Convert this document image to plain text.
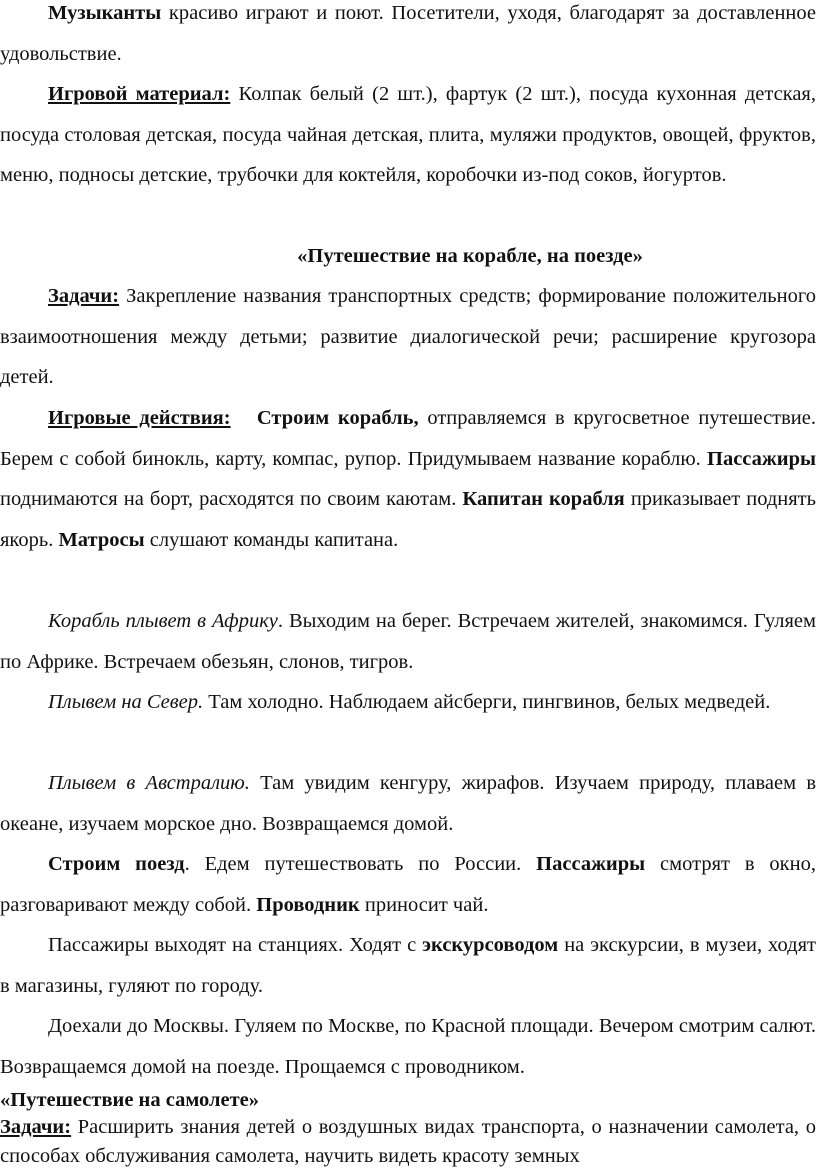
Музыканты красиво играют и поют. Посетители, уходя, благодарят за доставленное удовольствие.

Игровой материал: Колпак белый (2 шт.), фартук (2 шт.), посуда кухонная детская, посуда столовая детская, посуда чайная детская, плита, муляжи продуктов, овощей, фруктов, меню, подносы детские, трубочки для коктейля, коробочки из-под соков, йогуртов.

«Путешествие на корабле, на поезде»

Задачи: Закрепление названия транспортных средств; формирование положительного взаимоотношения между детьми; развитие диалогической речи; расширение кругозора детей.

Игровые действия: Строим корабль, отправляемся в кругосветное путешествие. Берем с собой бинокль, карту, компас, рупор. Придумываем название кораблю. Пассажиры поднимаются на борт, расходятся по своим каютам. Капитан корабля приказывает поднять якорь. Матросы слушают команды капитана.

Корабль плывет в Африку. Выходим на берег. Встречаем жителей, знакомимся. Гуляем по Африке. Встречаем обезьян, слонов, тигров.

Плывем на Север. Там холодно. Наблюдаем айсберги, пингвинов, белых медведей.

Плывем в Австралию. Там увидим кенгуру, жирафов. Изучаем природу, плаваем в океане, изучаем морское дно. Возвращаемся домой.

Строим поезд. Едем путешествовать по России. Пассажиры смотрят в окно, разговаривают между собой. Проводник приносит чай.

Пассажиры выходят на станциях. Ходят с экскурсоводом на экскурсии, в музеи, ходят в магазины, гуляют по городу.

Доехали до Москвы. Гуляем по Москве, по Красной площади. Вечером смотрим салют. Возвращаемся домой на поезде. Прощаемся с проводником.

«Путешествие на самолете»

Задачи: Расширить знания детей о воздушных видах транспорта, о назначении самолета, о способах обслуживания самолета, научить видеть красоту земных
